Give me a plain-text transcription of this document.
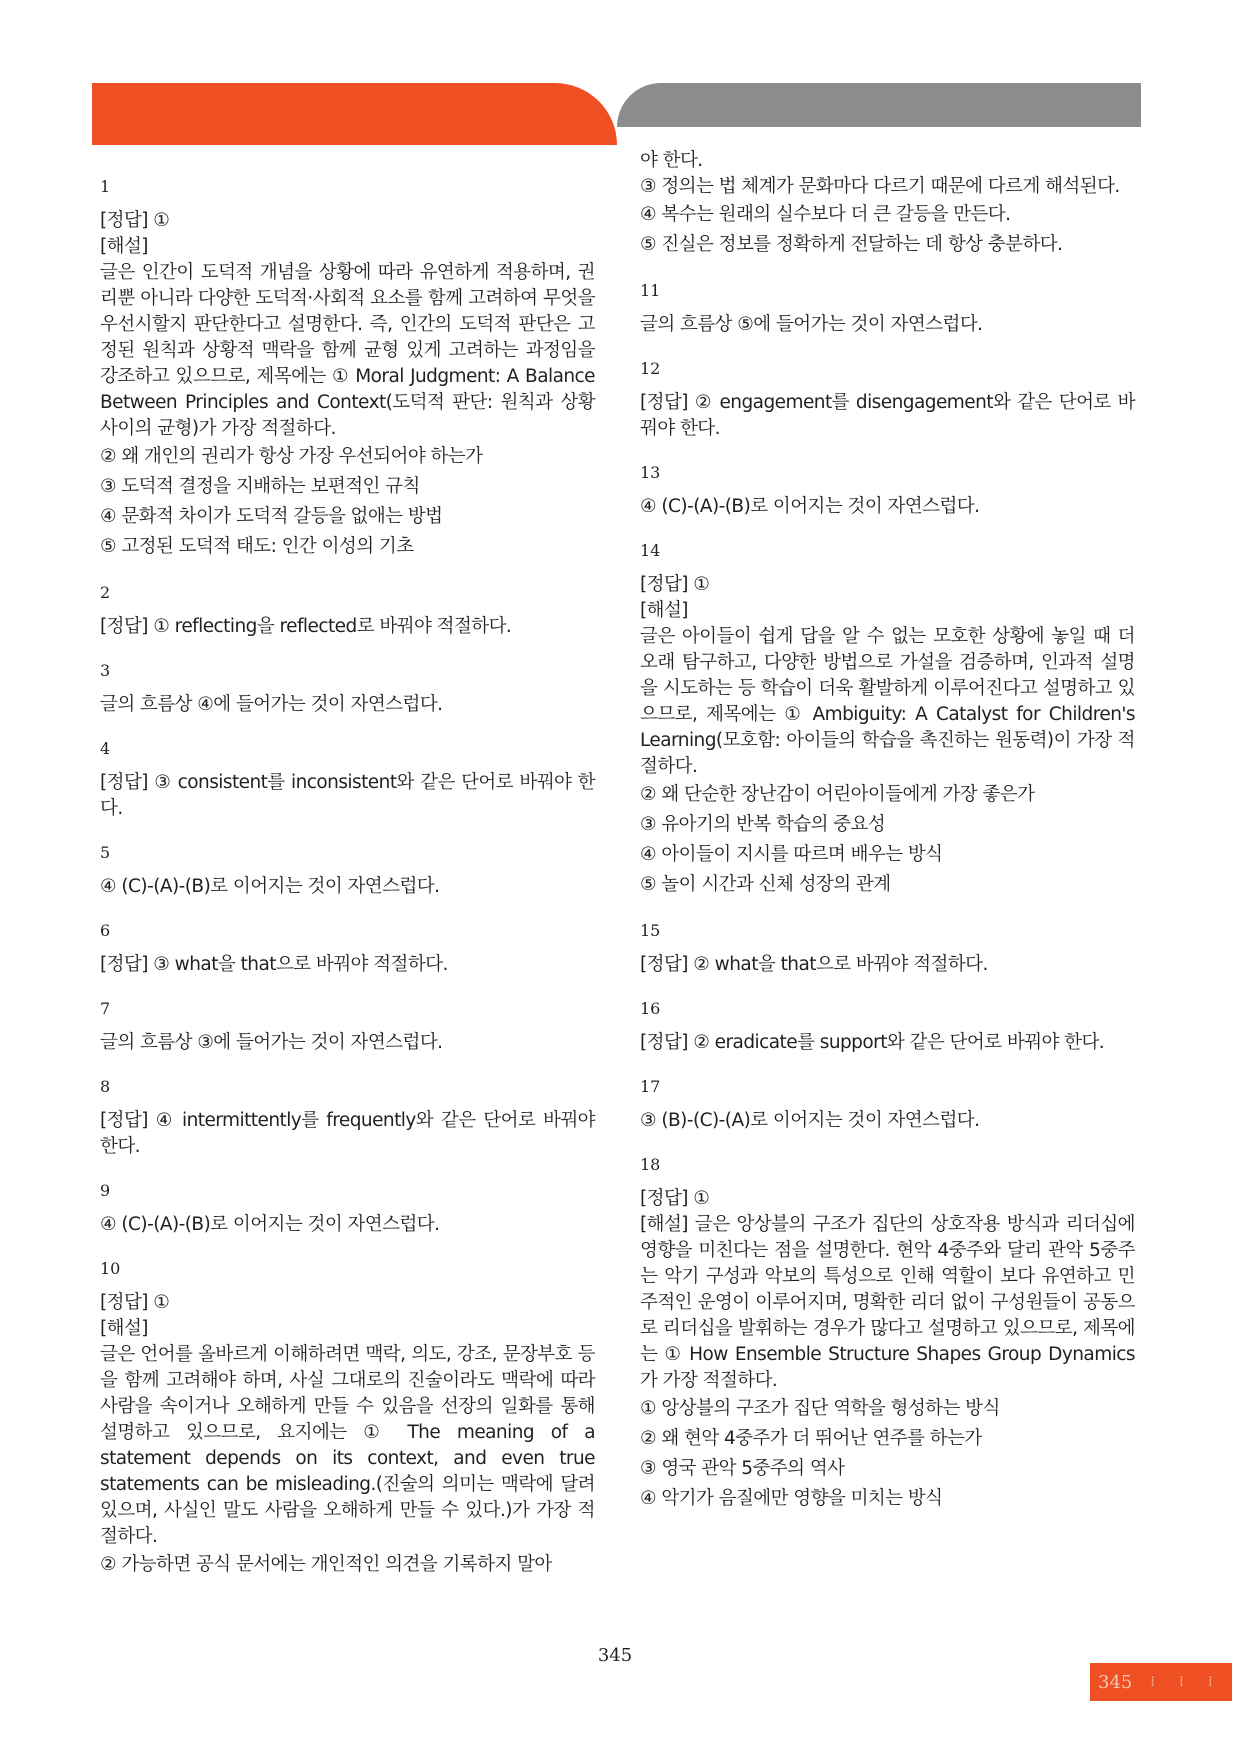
1
[정답] ①
[해설]
글은 인간이 도덕적 개념을 상황에 따라 유연하게 적용하며, 권리뿐 아니라 다양한 도덕적·사회적 요소를 함께 고려하여 무엇을 우선시할지 판단한다고 설명한다. 즉, 인간의 도덕적 판단은 고정된 원칙과 상황적 맥락을 함께 균형 있게 고려하는 과정임을 강조하고 있으므로, 제목에는 ① Moral Judgment: A Balance Between Principles and Context(도덕적 판단: 원칙과 상황 사이의 균형)가 가장 적절하다.
② 왜 개인의 권리가 항상 가장 우선되어야 하는가
③ 도덕적 결정을 지배하는 보편적인 규칙
④ 문화적 차이가 도덕적 갈등을 없애는 방법
⑤ 고정된 도덕적 태도: 인간 이성의 기초
2
[정답] ① reflecting을 reflected로 바꿔야 적절하다.
3
글의 흐름상 ④에 들어가는 것이 자연스럽다.
4
[정답] ③ consistent를 inconsistent와 같은 단어로 바꿔야 한다.
5
④ (C)-(A)-(B)로 이어지는 것이 자연스럽다.
6
[정답] ③ what을 that으로 바꿔야 적절하다.
7
글의 흐름상 ③에 들어가는 것이 자연스럽다.
8
[정답] ④ intermittently를 frequently와 같은 단어로 바꿔야 한다.
9
④ (C)-(A)-(B)로 이어지는 것이 자연스럽다.
10
[정답] ①
[해설]
글은 언어를 올바르게 이해하려면 맥락, 의도, 강조, 문장부호 등을 함께 고려해야 하며, 사실 그대로의 진술이라도 맥락에 따라 사람을 속이거나 오해하게 만들 수 있음을 선장의 일화를 통해 설명하고 있으므로, 요지에는 ① The meaning of a statement depends on its context, and even true statements can be misleading.(진술의 의미는 맥락에 달려 있으며, 사실인 말도 사람을 오해하게 만들 수 있다.)가 가장 적절하다.
② 가능하면 공식 문서에는 개인적인 의견을 기록하지 말아
야 한다.
③ 정의는 법 체계가 문화마다 다르기 때문에 다르게 해석된다.
④ 복수는 원래의 실수보다 더 큰 갈등을 만든다.
⑤ 진실은 정보를 정확하게 전달하는 데 항상 충분하다.
11
글의 흐름상 ⑤에 들어가는 것이 자연스럽다.
12
[정답] ② engagement를 disengagement와 같은 단어로 바꿔야 한다.
13
④ (C)-(A)-(B)로 이어지는 것이 자연스럽다.
14
[정답] ①
[해설]
글은 아이들이 쉽게 답을 알 수 없는 모호한 상황에 놓일 때 더 오래 탐구하고, 다양한 방법으로 가설을 검증하며, 인과적 설명을 시도하는 등 학습이 더욱 활발하게 이루어진다고 설명하고 있으므로, 제목에는 ① Ambiguity: A Catalyst for Children's Learning(모호함: 아이들의 학습을 촉진하는 원동력)이 가장 적절하다.
② 왜 단순한 장난감이 어린아이들에게 가장 좋은가
③ 유아기의 반복 학습의 중요성
④ 아이들이 지시를 따르며 배우는 방식
⑤ 놀이 시간과 신체 성장의 관계
15
[정답] ② what을 that으로 바꿔야 적절하다.
16
[정답] ② eradicate를 support와 같은 단어로 바꿔야 한다.
17
③ (B)-(C)-(A)로 이어지는 것이 자연스럽다.
18
[정답] ①
[해설] 글은 앙상블의 구조가 집단의 상호작용 방식과 리더십에 영향을 미친다는 점을 설명한다. 현악 4중주와 달리 관악 5중주는 악기 구성과 악보의 특성으로 인해 역할이 보다 유연하고 민주적인 운영이 이루어지며, 명확한 리더 없이 구성원들이 공동으로 리더십을 발휘하는 경우가 많다고 설명하고 있으므로, 제목에는 ① How Ensemble Structure Shapes Group Dynamics가 가장 적절하다.
① 앙상블의 구조가 집단 역학을 형성하는 방식
② 왜 현악 4중주가 더 뛰어난 연주를 하는가
③ 영국 관악 5중주의 역사
④ 악기가 음질에만 영향을 미치는 방식
345
345 ⁞ ⁞ ⁞
